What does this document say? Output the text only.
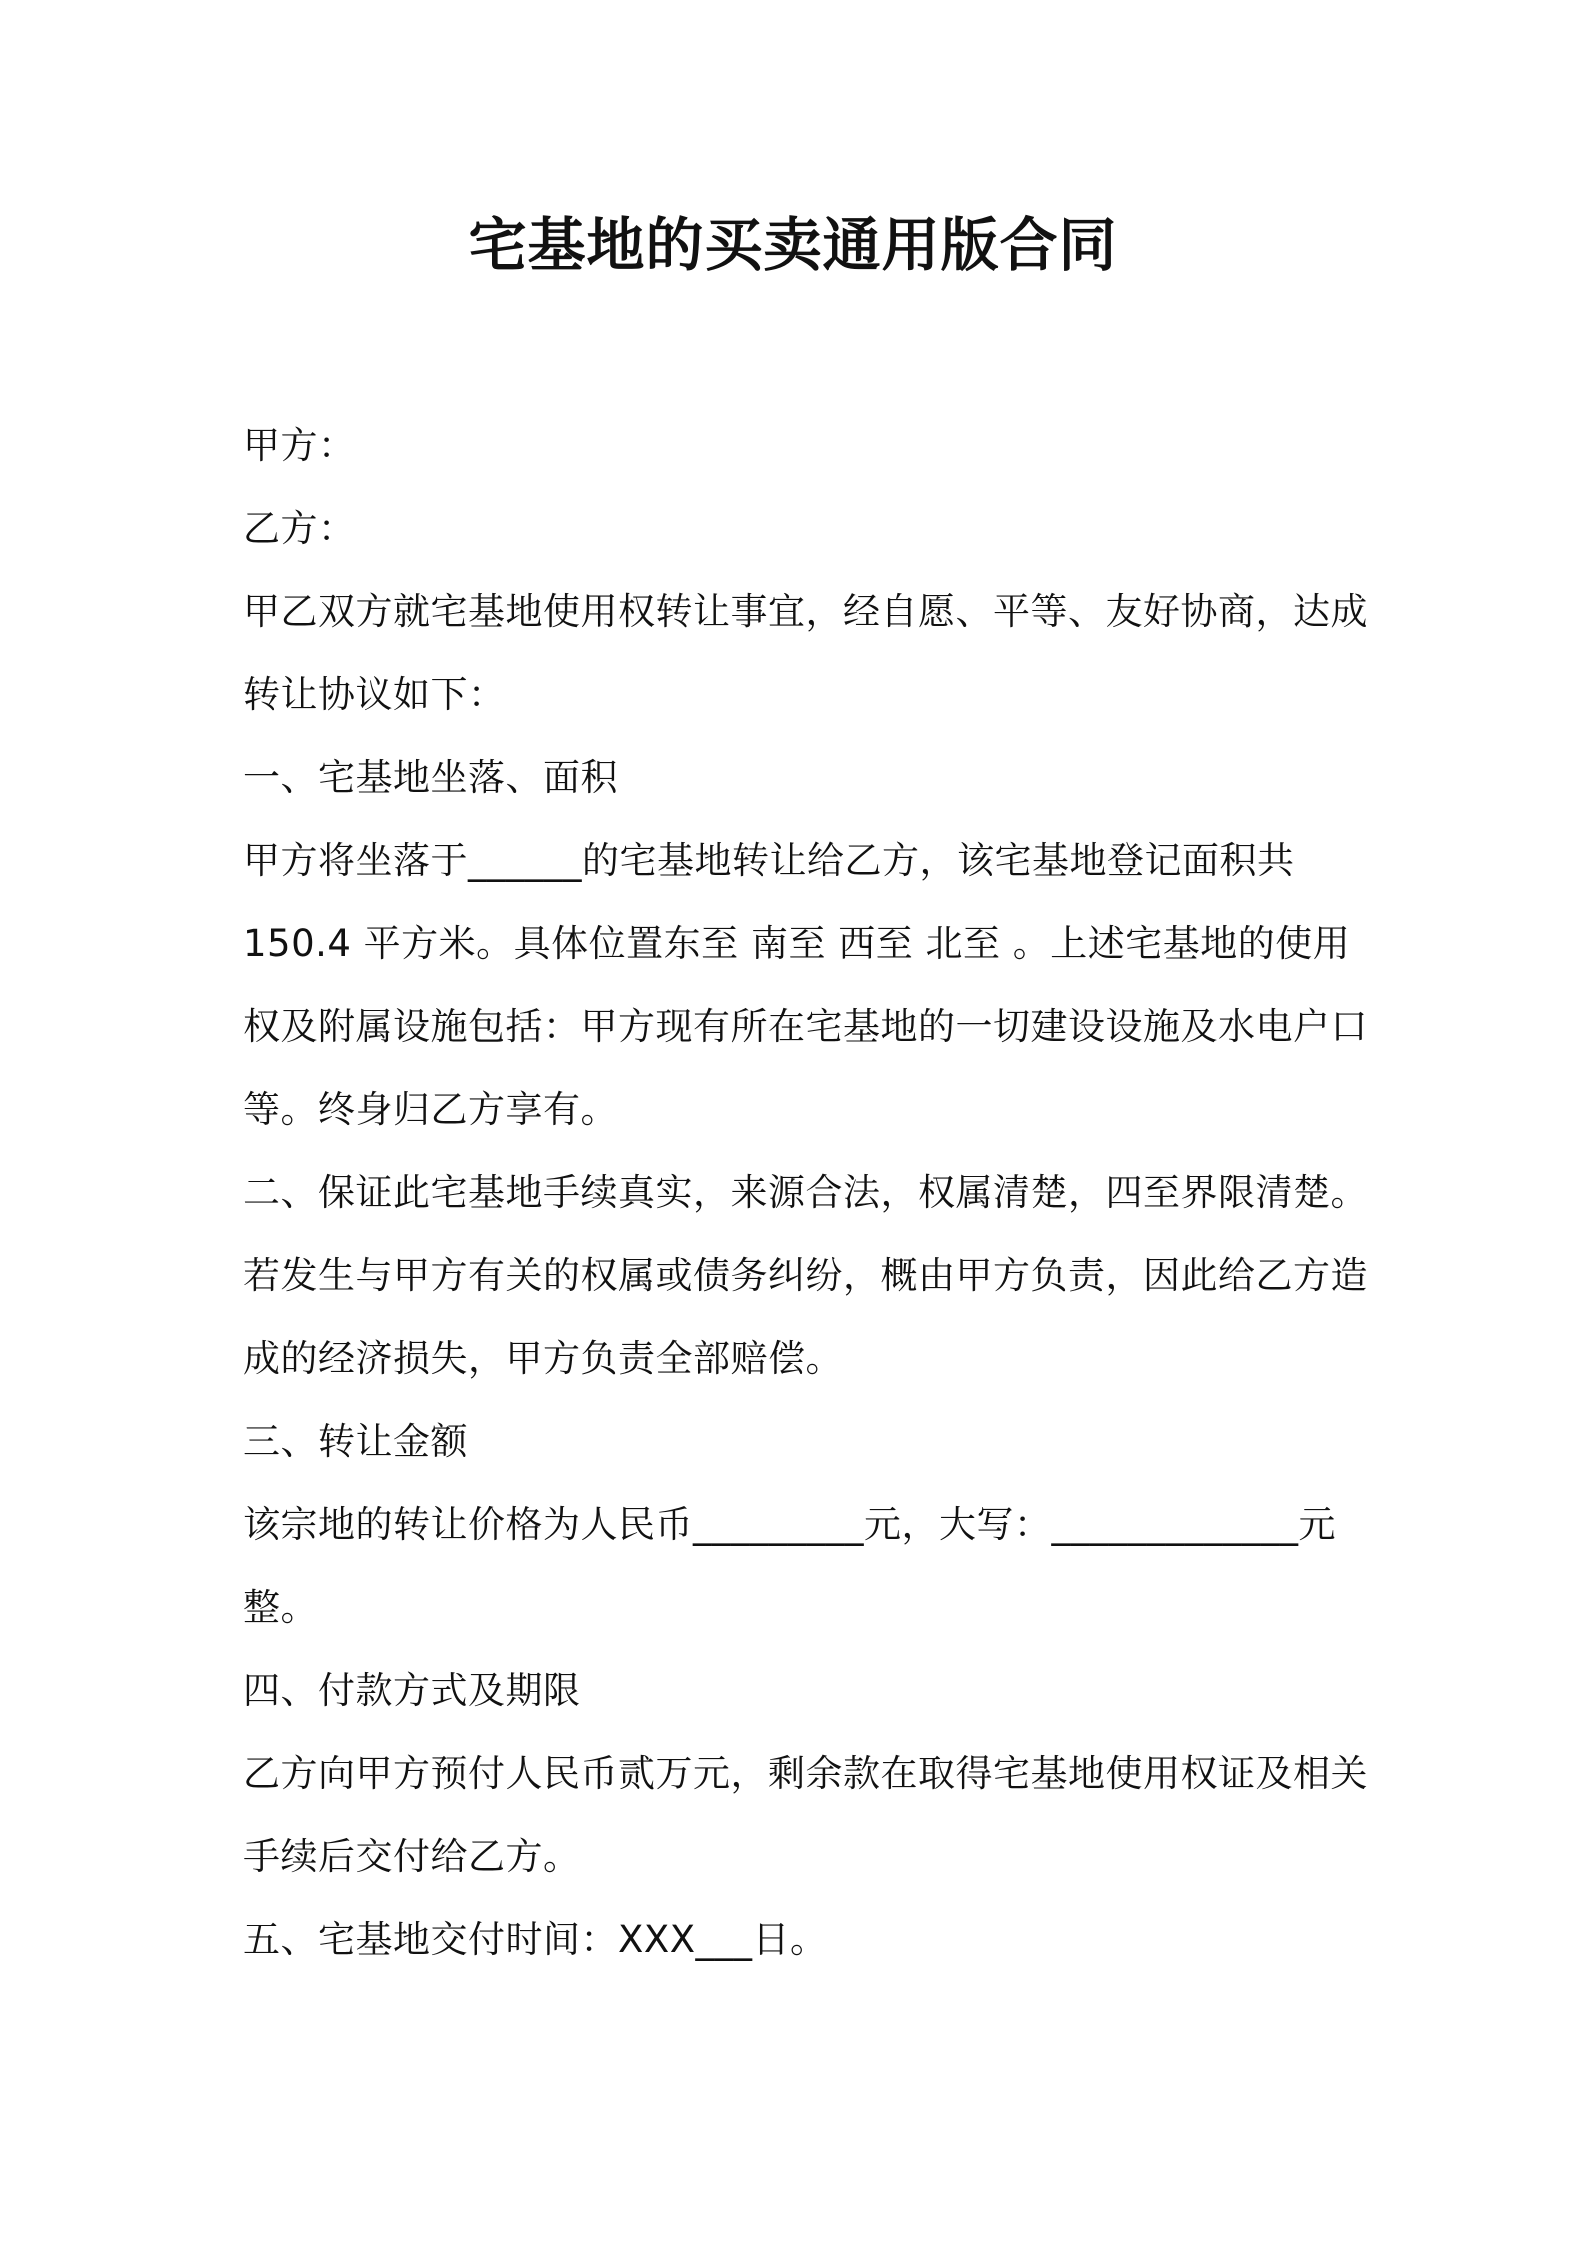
宅基地的买卖通用版合同
甲方：
乙方：
甲乙双方就宅基地使用权转让事宜，经自愿、平等、友好协商，达成
转让协议如下：
一、宅基地坐落、面积
甲方将坐落于______的宅基地转让给乙方，该宅基地登记面积共
150.4 平方米。具体位置东至 南至 西至 北至 。上述宅基地的使用
权及附属设施包括：甲方现有所在宅基地的一切建设设施及水电户口
等。终身归乙方享有。
二、保证此宅基地手续真实，来源合法，权属清楚，四至界限清楚。
若发生与甲方有关的权属或债务纠纷，概由甲方负责，因此给乙方造
成的经济损失，甲方负责全部赔偿。
三、转让金额
该宗地的转让价格为人民币_________元，大写：_____________元
整。
四、付款方式及期限
乙方向甲方预付人民币贰万元，剩余款在取得宅基地使用权证及相关
手续后交付给乙方。
五、宅基地交付时间：XXX___日。
